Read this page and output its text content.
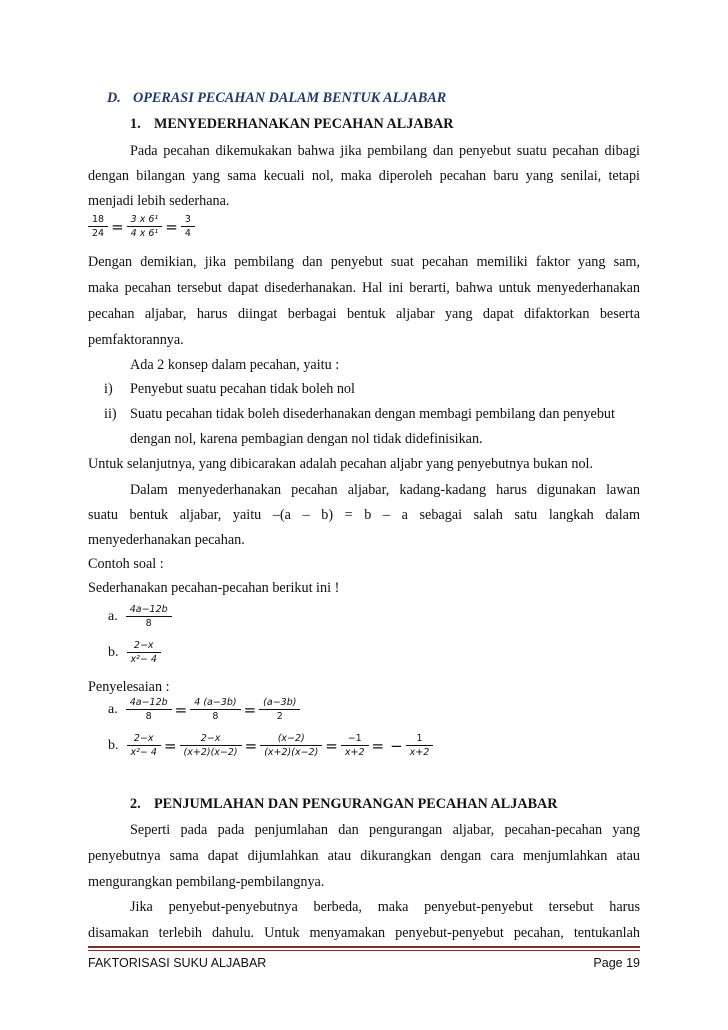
D. OPERASI PECAHAN DALAM BENTUK ALJABAR
1. MENYEDERHANAKAN PECAHAN ALJABAR
Pada pecahan dikemukakan bahwa jika pembilang dan penyebut suatu pecahan dibagi
dengan bilangan yang sama kecuali nol, maka diperoleh pecahan baru yang senilai, tetapi
menjadi lebih sederhana.
$\frac{18}{24} = \frac{\text{3 x 6¹}}{\text{4 x 6¹}} = \frac{3}{4}$
Dengan demikian, jika pembilang dan penyebut suat pecahan memiliki faktor yang sam,
maka pecahan tersebut dapat disederhanakan. Hal ini berarti, bahwa untuk menyederhanakan
pecahan aljabar, harus diingat berbagai bentuk aljabar yang dapat difaktorkan beserta
pemfaktorannya.
Ada 2 konsep dalam pecahan, yaitu :
i) Penyebut suatu pecahan tidak boleh nol
ii) Suatu pecahan tidak boleh disederhanakan dengan membagi pembilang dan penyebut
dengan nol, karena pembagian dengan nol tidak didefinisikan.
Untuk selanjutnya, yang dibicarakan adalah pecahan aljabr yang penyebutnya bukan nol.
Dalam menyederhanakan pecahan aljabar, kadang-kadang harus digunakan lawan
suatu bentuk aljabar, yaitu –(a – b) = b – a sebagai salah satu langkah dalam
menyederhanakan pecahan.
Contoh soal :
Sederhanakan pecahan-pecahan berikut ini !
a. $\frac{4a-12b}{8}$
b. $\frac{2-x}{\text{x²− 4}}$
Penyelesaian :
a. $\frac{4a-12b}{8} = \frac{4 (a-3b)}{8} = \frac{(a-3b)}{2}$
b. $\frac{2-x}{\text{x²− 4}} = \frac{2-x}{(x+2)(x-2)} = \frac{(x-2)}{(x+2)(x-2)} = \frac{-1}{x+2}$ = − $\frac{1}{x+2}$
2. PENJUMLAHAN DAN PENGURANGAN PECAHAN ALJABAR
Seperti pada pada penjumlahan dan pengurangan aljabar, pecahan-pecahan yang
penyebutnya sama dapat dijumlahkan atau dikurangkan dengan cara menjumlahkan atau
mengurangkan pembilang-pembilangnya.
Jika penyebut-penyebutnya berbeda, maka penyebut-penyebut tersebut harus
disamakan terlebih dahulu. Untuk menyamakan penyebut-penyebut pecahan, tentukanlah
FAKTORISASI SUKU ALJABAR	Page 19
